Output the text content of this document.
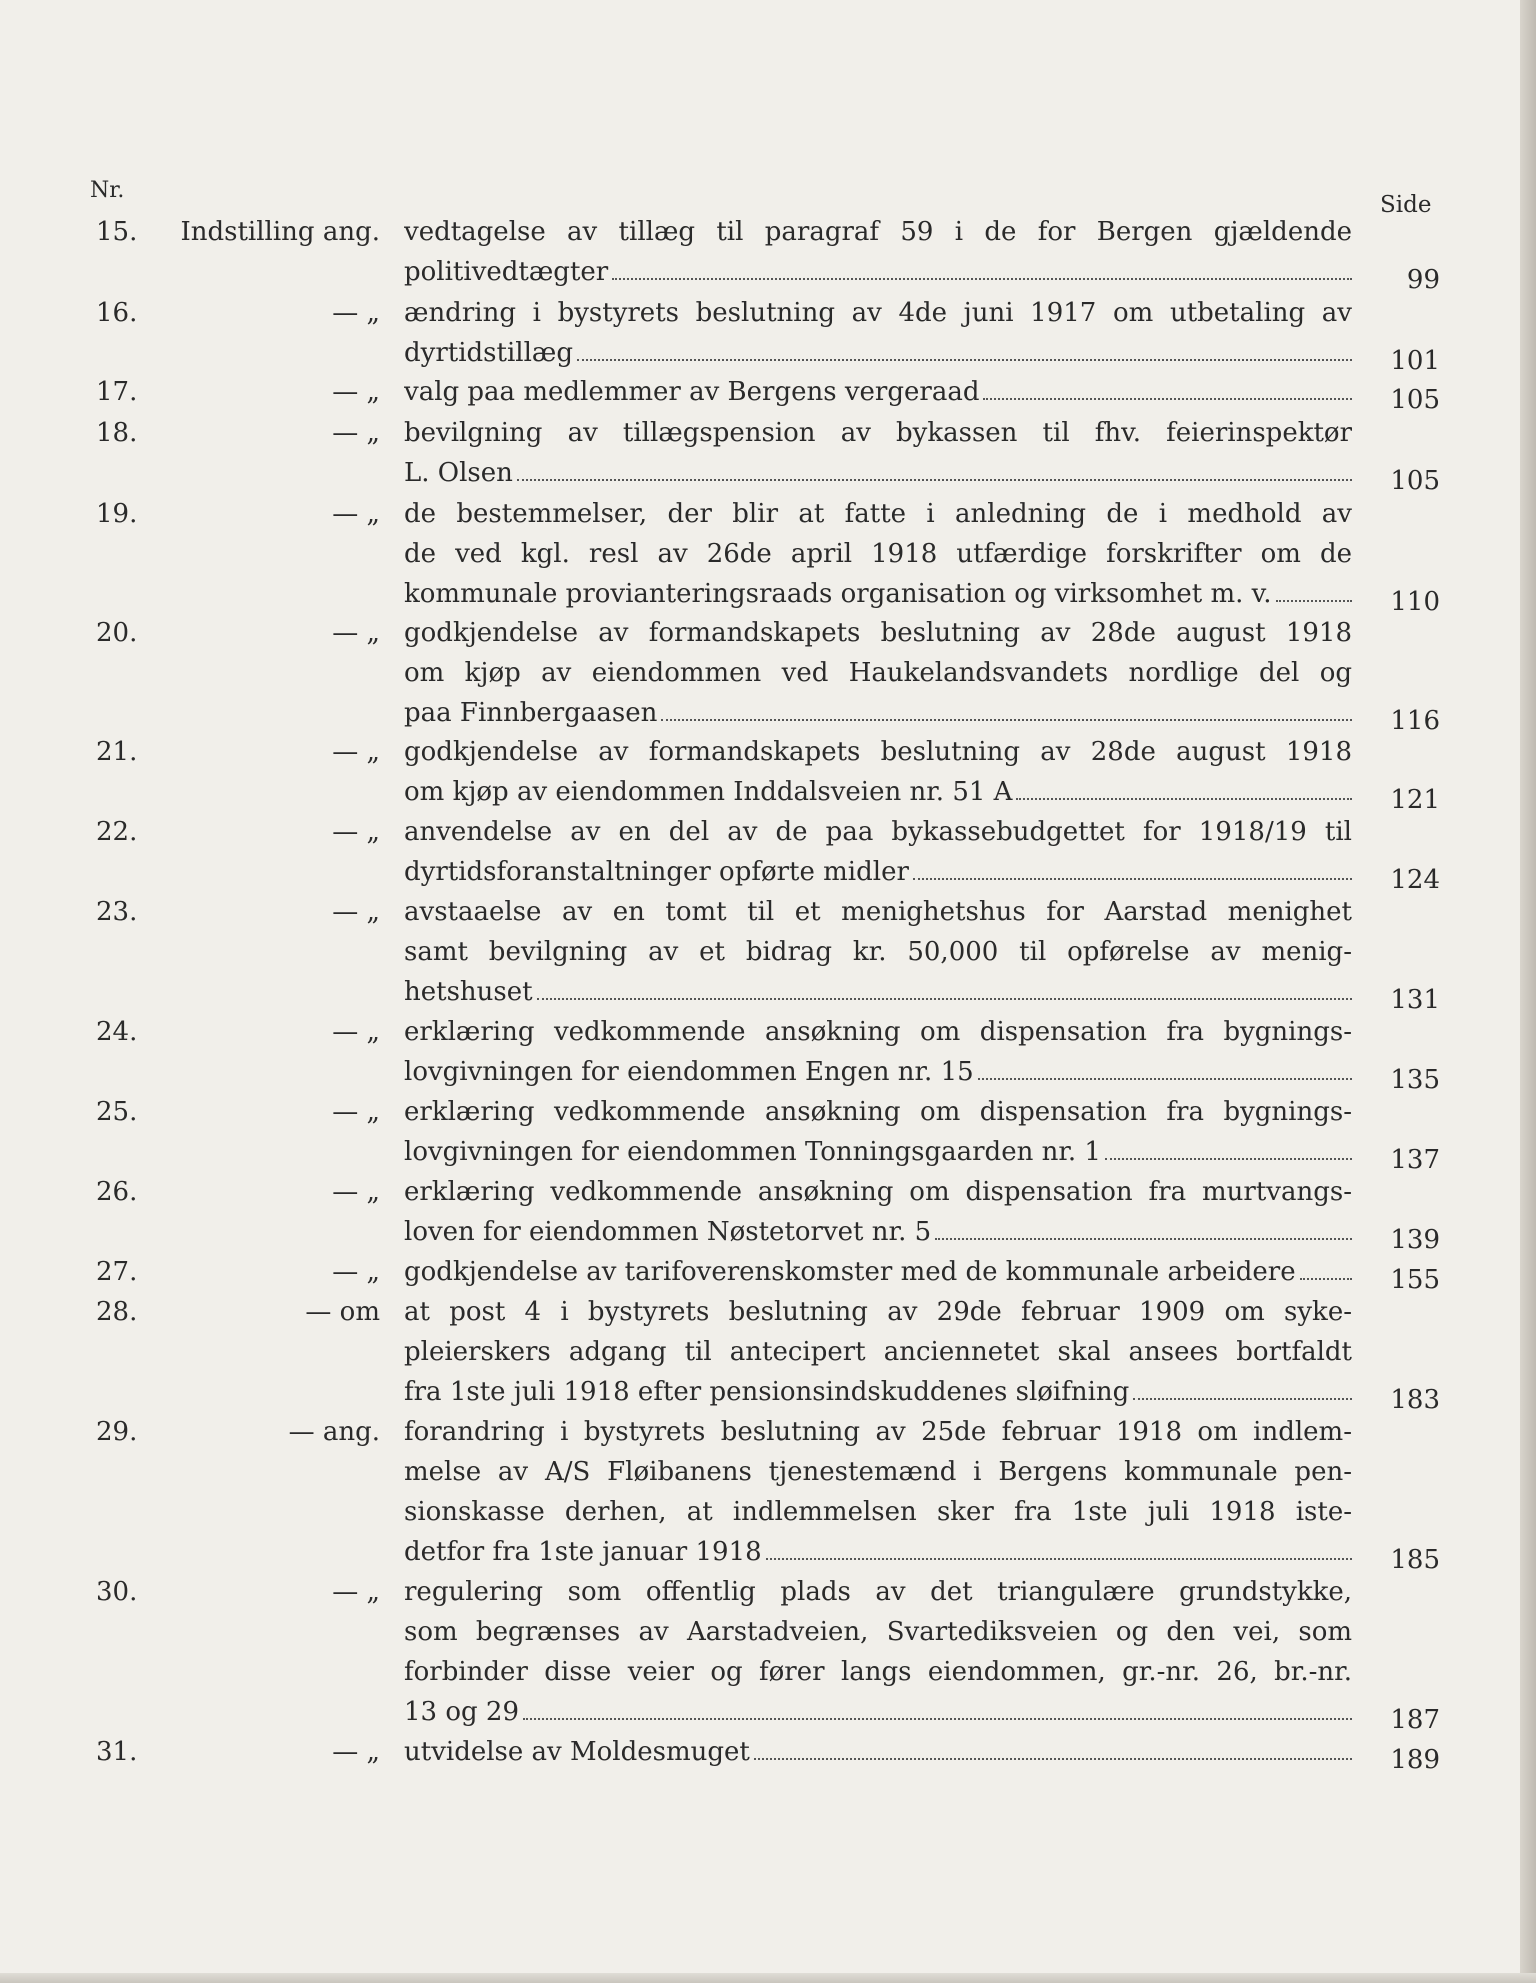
Nr.
Side
15. Indstilling ang. vedtagelse av tillæg til paragraf 59 i de for Bergen gjældende
politivedtægter	99
16.	— „ ændring i bystyrets beslutning av 4de juni 1917 om utbetaling av
dyrtidstillæg	101
17.	— „ valg paa medlemmer av Bergens vergeraad	105
18.	— „ bevilgning av tillægspension av bykassen til fhv. feierinspektør
L. Olsen	105
19.	— „ de bestemmelser, der blir at fatte i anledning de i medhold av
de ved kgl. resl av 26de april 1918 utfærdige forskrifter om de
kommunale provianteringsraads organisation og virksomhet m. v.	110
20.	— „ godkjendelse av formandskapets beslutning av 28de august 1918
om kjøp av eiendommen ved Haukelandsvandets nordlige del og
paa Finnbergaasen	116
21.	— „ godkjendelse av formandskapets beslutning av 28de august 1918
om kjøp av eiendommen Inddalsveien nr. 51 A	121
22.	— „ anvendelse av en del av de paa bykassebudgettet for 1918/19 til
dyrtidsforanstaltninger opførte midler	124
23.	— „ avstaaelse av en tomt til et menighetshus for Aarstad menighet
samt bevilgning av et bidrag kr. 50,000 til opførelse av menig-
hetshuset	131
24.	— „ erklæring vedkommende ansøkning om dispensation fra bygnings-
lovgivningen for eiendommen Engen nr. 15	135
25.	— „ erklæring vedkommende ansøkning om dispensation fra bygnings-
lovgivningen for eiendommen Tonningsgaarden nr. 1	137
26.	— „ erklæring vedkommende ansøkning om dispensation fra murtvangs-
loven for eiendommen Nøstetorvet nr. 5	139
27.	— „ godkjendelse av tarifoverenskomster med de kommunale arbeidere	155
28.	— om at post 4 i bystyrets beslutning av 29de februar 1909 om syke-
pleierskers adgang til antecipert anciennetet skal ansees bortfaldt
fra 1ste juli 1918 efter pensionsindskuddenes sløifning	183
29.	— ang. forandring i bystyrets beslutning av 25de februar 1918 om indlem-
melse av A/S Fløibanens tjenestemænd i Bergens kommunale pen-
sionskasse derhen, at indlemmelsen sker fra 1ste juli 1918 iste-
detfor fra 1ste januar 1918	185
30.	— „ regulering som offentlig plads av det triangulære grundstykke,
som begrænses av Aarstadveien, Svartediksveien og den vei, som
forbinder disse veier og fører langs eiendommen, gr.-nr. 26, br.-nr.
13 og 29	187
31.	— „ utvidelse av Moldesmuget	189
